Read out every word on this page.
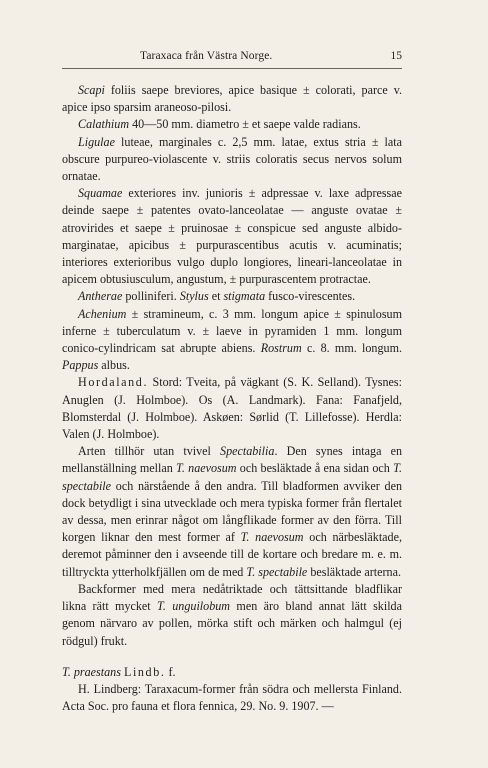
Taraxaca från Västra Norge.	15

Scapi foliis saepe breviores, apice basique ± colorati, parce v. apice ipso sparsim araneoso-pilosi.

Calathium 40—50 mm. diametro ± et saepe valde radians.

Ligulae luteae, marginales c. 2,5 mm. latae, extus stria ± lata obscure purpureo-violascente v. striis coloratis secus nervos solum ornatae.

Squamae exteriores inv. junioris ± adpressae v. laxe adpressae deinde saepe ± patentes ovato-lanceolatae — anguste ovatae ± atrovirides et saepe ± pruinosae ± conspicue sed anguste albido-marginatae, apicibus ± purpurascentibus acutis v. acuminatis; interiores exterioribus vulgo duplo longiores, lineari-lanceolatae in apicem obtusiusculum, angustum, ± purpurascentem protractae.

Antherae polliniferi. Stylus et stigmata fusco-virescentes.

Achenium ± stramineum, c. 3 mm. longum apice ± spinulosum inferne ± tuberculatum v. ± laeve in pyramiden 1 mm. longum conico-cylindricam sat abrupte abiens. Rostrum c. 8. mm. longum. Pappus albus.

Hordaland. Stord: Tveita, på vägkant (S. K. Selland). Tysnes: Anuglen (J. Holmboe). Os (A. Landmark). Fana: Fanafjeld, Blomsterdal (J. Holmboe). Askøen: Sørlid (T. Lillefosse). Herdla: Valen (J. Holmboe).

Arten tillhör utan tvivel Spectabilia. Den synes intaga en mellanställning mellan T. naevosum och besläktade å ena sidan och T. spectabile och närstående å den andra. Till bladformen avviker den dock betydligt i sina utvecklade och mera typiska former från flertalet av dessa, men erinrar något om långflikade former av den förra. Till korgen liknar den mest former af T. naevosum och närbesläktade, deremot påminner den i avseende till de kortare och bredare m. e. m. tilltryckta ytterholkfjällen om de med T. spectabile besläktade arterna.

Backformer med mera nedåtriktade och tättsittande bladflikar likna rätt mycket T. unguilobum men äro bland annat lätt skilda genom närvaro av pollen, mörka stift och märken och halmgul (ej rödgul) frukt.

T. praestans Lindb. f.

H. Lindberg: Taraxacum-former från södra och mellersta Finland. Acta Soc. pro fauna et flora fennica, 29. No. 9. 1907. —
